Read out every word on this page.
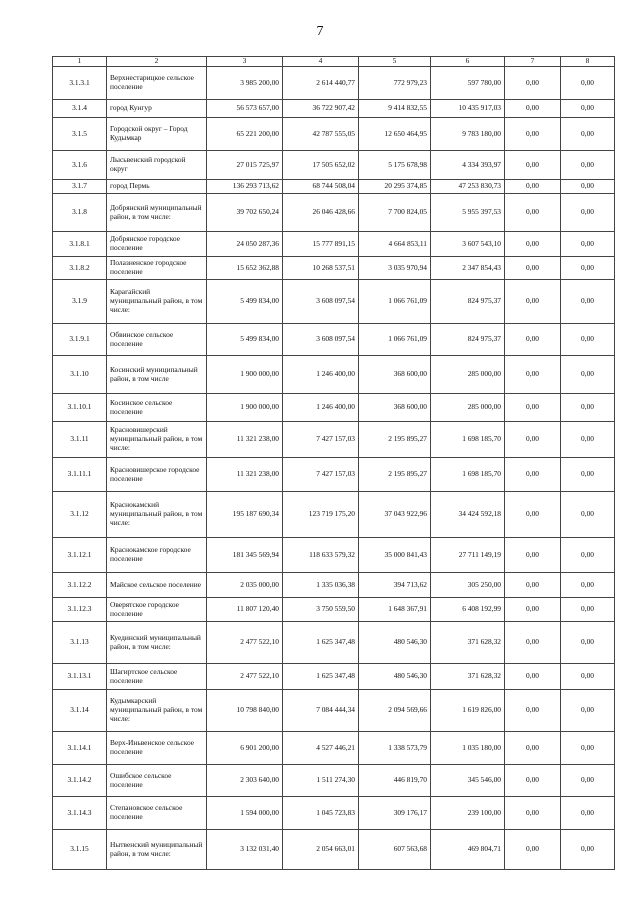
7
1	2	3	4	5	6	7	8
3.1.3.1	Верхнестарицкое сельское поселение	3 985 200,00	2 614 440,77	772 979,23	597 780,00	0,00	0,00
3.1.4	город Кунгур	56 573 657,00	36 722 907,42	9 414 832,55	10 435 917,03	0,00	0,00
3.1.5	Городской округ – Город Кудымкар	65 221 200,00	42 787 555,05	12 650 464,95	9 783 180,00	0,00	0,00
3.1.6	Лысьвенский городской округ	27 015 725,97	17 505 652,02	5 175 678,98	4 334 393,97	0,00	0,00
3.1.7	город Пермь	136 293 713,62	68 744 508,04	20 295 374,85	47 253 830,73	0,00	0,00
3.1.8	Добрянский муниципальный район, в том числе:	39 702 650,24	26 046 428,66	7 700 824,05	5 955 397,53	0,00	0,00
3.1.8.1	Добрянское городское поселение	24 050 287,36	15 777 891,15	4 664 853,11	3 607 543,10	0,00	0,00
3.1.8.2	Полазненское городское поселение	15 652 362,88	10 268 537,51	3 035 970,94	2 347 854,43	0,00	0,00
3.1.9	Карагайский муниципальный район, в том числе:	5 499 834,00	3 608 097,54	1 066 761,09	824 975,37	0,00	0,00
3.1.9.1	Обвинское сельское поселение	5 499 834,00	3 608 097,54	1 066 761,09	824 975,37	0,00	0,00
3.1.10	Косинский муниципальный район, в том числе	1 900 000,00	1 246 400,00	368 600,00	285 000,00	0,00	0,00
3.1.10.1	Косинское сельское поселение	1 900 000,00	1 246 400,00	368 600,00	285 000,00	0,00	0,00
3.1.11	Красновишерский муниципальный район, в том числе:	11 321 238,00	7 427 157,03	2 195 895,27	1 698 185,70	0,00	0,00
3.1.11.1	Красновишерское городское поселение	11 321 238,00	7 427 157,03	2 195 895,27	1 698 185,70	0,00	0,00
3.1.12	Краснокамский муниципальный район, в том числе:	195 187 690,34	123 719 175,20	37 043 922,96	34 424 592,18	0,00	0,00
3.1.12.1	Краснокамское городское поселение	181 345 569,94	118 633 579,32	35 000 841,43	27 711 149,19	0,00	0,00
3.1.12.2	Майское сельское поселение	2 035 000,00	1 335 036,38	394 713,62	305 250,00	0,00	0,00
3.1.12.3	Оверятское городское поселение	11 807 120,40	3 750 559,50	1 648 367,91	6 408 192,99	0,00	0,00
3.1.13	Куединский муниципальный район, в том числе:	2 477 522,10	1 625 347,48	480 546,30	371 628,32	0,00	0,00
3.1.13.1	Шагиртское сельское поселение	2 477 522,10	1 625 347,48	480 546,30	371 628,32	0,00	0,00
3.1.14	Кудымкарский муниципальный район, в том числе:	10 798 840,00	7 084 444,34	2 094 569,66	1 619 826,00	0,00	0,00
3.1.14.1	Верх-Иньвенское сельское поселение	6 901 200,00	4 527 446,21	1 338 573,79	1 035 180,00	0,00	0,00
3.1.14.2	Ошибское сельское поселение	2 303 640,00	1 511 274,30	446 819,70	345 546,00	0,00	0,00
3.1.14.3	Степановское сельское поселение	1 594 000,00	1 045 723,83	309 176,17	239 100,00	0,00	0,00
3.1.15	Нытвенский муниципальный район, в том числе:	3 132 031,40	2 054 663,01	607 563,68	469 804,71	0,00	0,00
